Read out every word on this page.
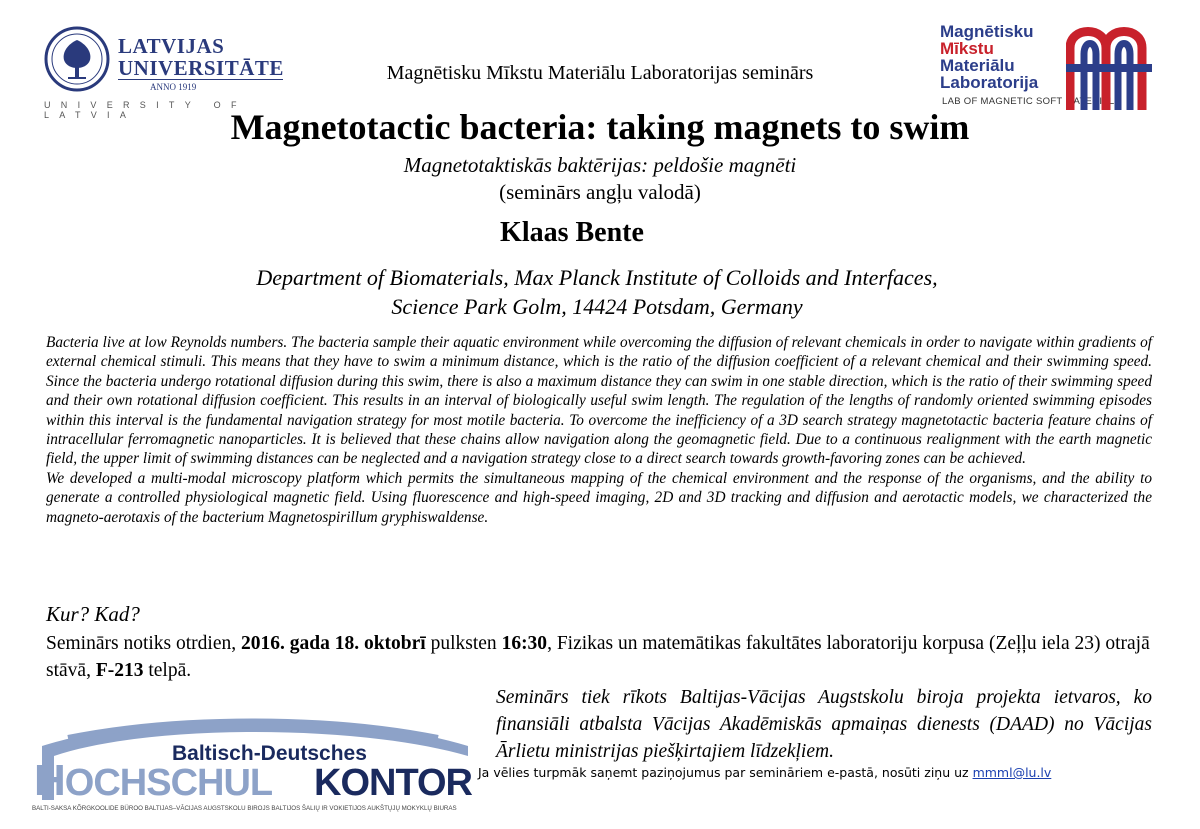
LATVIJAS
UNIVERSITĀTE
ANNO 1919
UNIVERSITY OF LATVIA
Magnētisku
Mīkstu
Materiālu
Laboratorija
LAB OF MAGNETIC SOFT MATERIALS
Magnētisku Mīkstu Materiālu Laboratorijas seminārs
Magnetotactic bacteria: taking magnets to swim
Magnetotaktiskās baktērijas: peldošie magnēti
(seminārs angļu valodā)
Klaas Bente
Department of Biomaterials, Max Planck Institute of Colloids and Interfaces,
Science Park Golm, 14424 Potsdam, Germany

Bacteria live at low Reynolds numbers. The bacteria sample their aquatic environment while overcoming the diffusion of relevant chemicals in order to navigate within gradients of external chemical stimuli. This means that they have to swim a minimum distance, which is the ratio of the diffusion coefficient of a relevant chemical and their swimming speed. Since the bacteria undergo rotational diffusion during this swim, there is also a maximum distance they can swim in one stable direction, which is the ratio of their swimming speed and their own rotational diffusion coefficient. This results in an interval of biologically useful swim length. The regulation of the lengths of randomly oriented swimming episodes within this interval is the fundamental navigation strategy for most motile bacteria. To overcome the inefficiency of a 3D search strategy magnetotactic bacteria feature chains of intracellular ferromagnetic nanoparticles. It is believed that these chains allow navigation along the geomagnetic field. Due to a continuous realignment with the earth magnetic field, the upper limit of swimming distances can be neglected and a navigation strategy close to a direct search towards growth-favoring zones can be achieved.

We developed a multi-modal microscopy platform which permits the simultaneous mapping of the chemical environment and the response of the organisms, and the ability to generate a controlled physiological magnetic field. Using fluorescence and high-speed imaging, 2D and 3D tracking and diffusion and aerotactic models, we characterized the magneto-aerotaxis of the bacterium Magnetospirillum gryphiswaldense.

Kur? Kad?
Seminārs notiks otrdien, 2016. gada 18. oktobrī pulksten 16:30, Fizikas un matemātikas fakultātes laboratoriju korpusa (Zeļļu iela 23) otrajā stāvā, F-213 telpā.
Seminārs tiek rīkots Baltijas-Vācijas Augstskolu biroja projekta ietvaros, ko finansiāli atbalsta Vācijas Akadēmiskās apmaiņas dienests (DAAD) no Vācijas Ārlietu ministrijas piešķirtajiem līdzekļiem.
Ja vēlies turpmāk saņemt paziņojumus par semināriem e-pastā, nosūti ziņu uz mmml@lu.lv
Baltisch-Deutsches
HOCHSCHUL KONTOR
BALTI-SAKSA KÕRGKOOLIDE BÜROO BALTIJAS–VĀCIJAS AUGSTSKOLU BIROJS BALTIJOS ŠALIŲ IR VOKIETIJOS AUKŠTŲJŲ MOKYKLŲ BIURAS
